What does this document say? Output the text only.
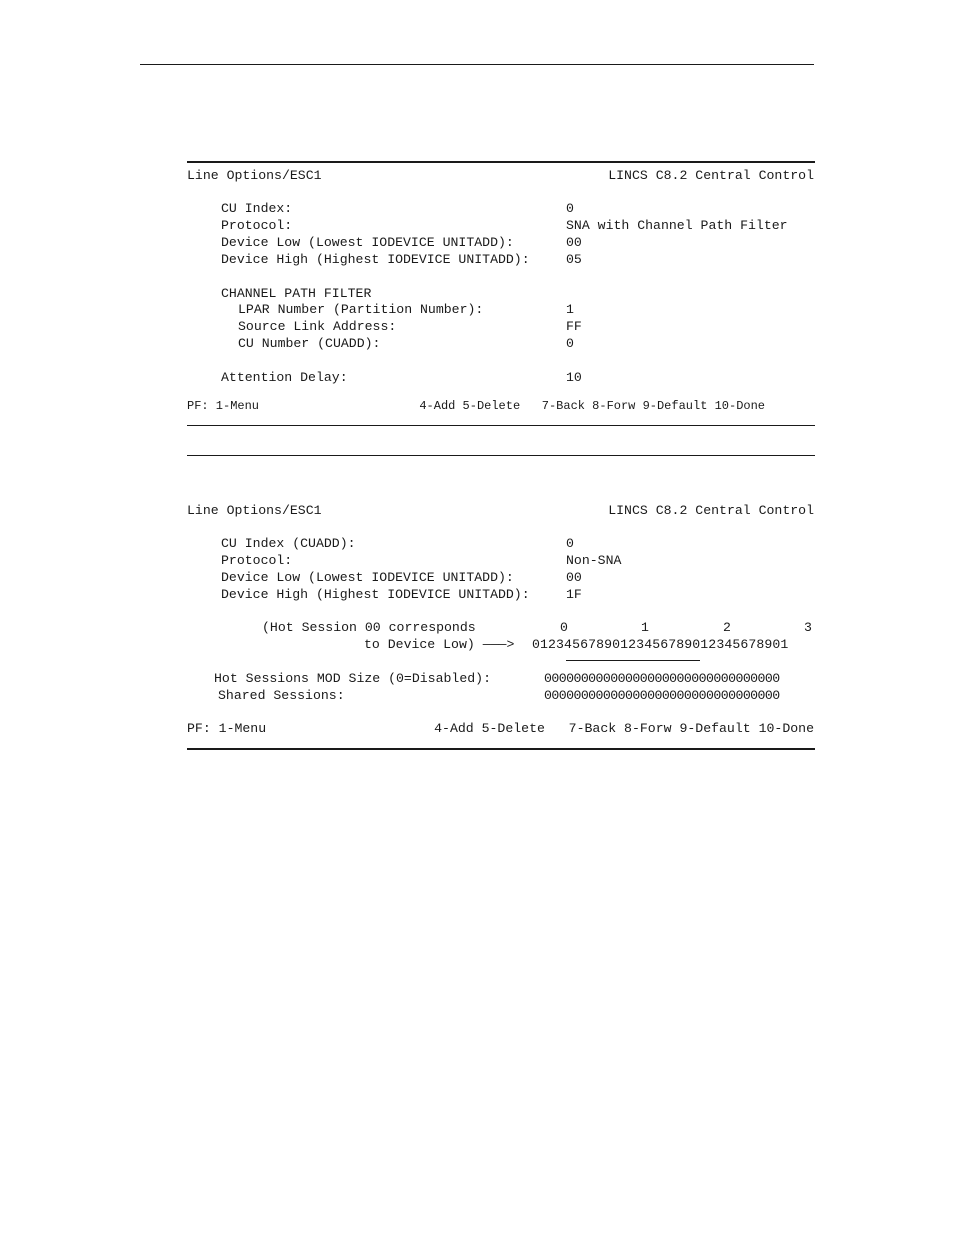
Line Options/ESC1	LINCS C8.2 Central Control
CU Index:	0
Protocol:	SNA with Channel Path Filter
Device Low (Lowest IODEVICE UNITADD):	00
Device High (Highest IODEVICE UNITADD):	05
CHANNEL PATH FILTER
LPAR Number (Partition Number):	1
Source Link Address:	FF
CU Number (CUADD):	0
Attention Delay:	10
PF: 1-Menu	4-Add 5-Delete   7-Back 8-Forw 9-Default 10-Done
Line Options/ESC1	LINCS C8.2 Central Control
CU Index (CUADD):	0
Protocol:	Non-SNA
Device Low (Lowest IODEVICE UNITADD):	00
Device High (Highest IODEVICE UNITADD):	1F
(Hot Session 00 corresponds	0	1	2	3
to Device Low) ———> 01234567890123456789012345678901
Hot Sessions MOD Size (0=Disabled):	00000000000000000000000000000000
Shared Sessions:	00000000000000000000000000000000
PF: 1-Menu	4-Add 5-Delete   7-Back 8-Forw 9-Default 10-Done
